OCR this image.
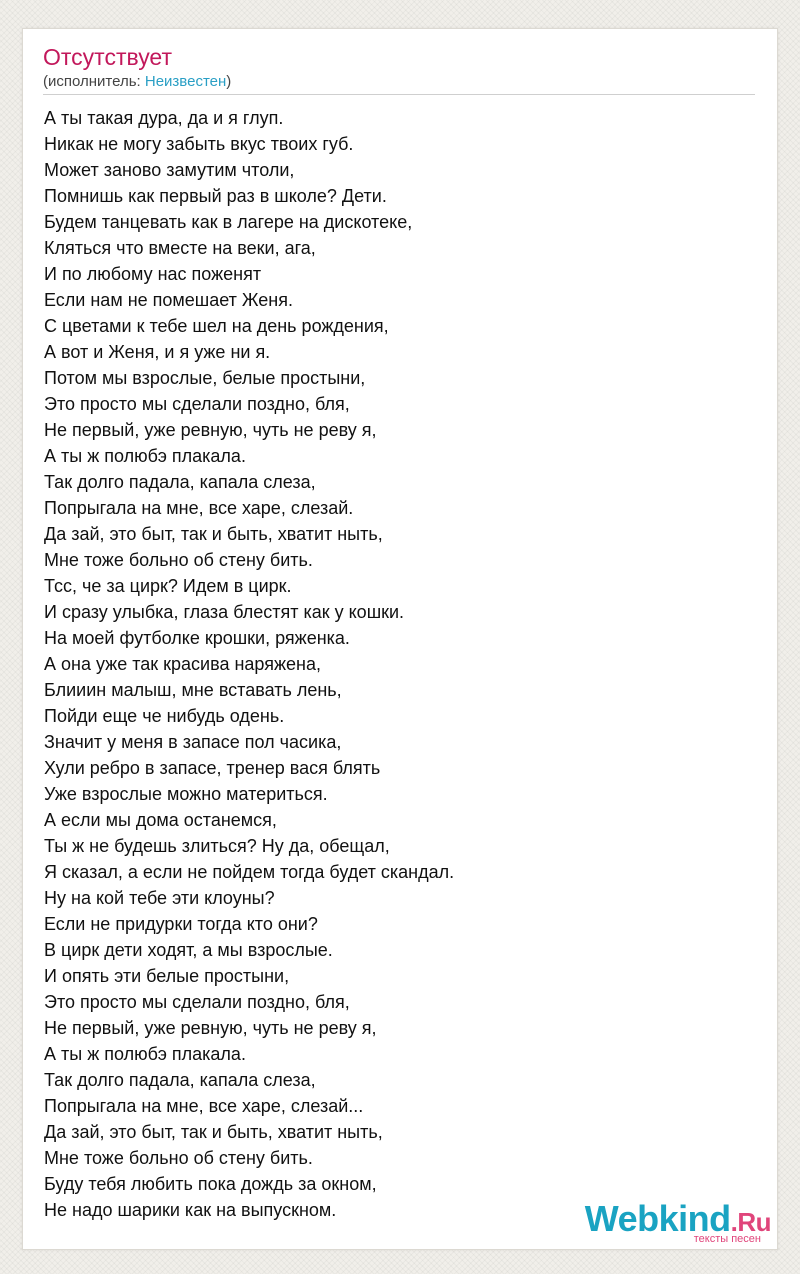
Отсутствует
(исполнитель: Неизвестен)
А ты такая дура, да и я глуп.
Никак не могу забыть вкус твоих губ.
Может заново замутим чтоли,
Помнишь как первый раз в школе? Дети.
Будем танцевать как в лагере на дискотеке,
Кляться что вместе на веки, ага,
И по любому нас поженят
Если нам не помешает Женя.
С цветами к тебе шел на день рождения,
А вот и Женя, и я уже ни я.
Потом мы взрослые, белые простыни,
Это просто мы сделали поздно, бля,
Не первый, уже ревную, чуть не реву я,
А ты ж полюбэ плакала.
Так долго падала, капала слеза,
Попрыгала на мне, все харе, слезай.
Да зай, это быт, так и быть, хватит ныть,
Мне тоже больно об стену бить.
Тсс, че за цирк? Идем в цирк.
И сразу улыбка, глаза блестят как у кошки.
На моей футболке крошки, ряженка.
А она уже так красива наряжена,
Блииин малыш, мне вставать лень,
Пойди еще че нибудь одень.
Значит у меня в запасе пол часика,
Хули ребро в запасе, тренер вася блять
Уже взрослые можно материться.
А если мы дома останемся,
Ты ж не будешь злиться? Ну да, обещал,
Я сказал, а если не пойдем тогда будет скандал.
Ну на кой тебе эти клоуны?
Если не придурки тогда кто они?
В цирк дети ходят, а мы взрослые.
И опять эти белые простыни,
Это просто мы сделали поздно, бля,
Не первый, уже ревную, чуть не реву я,
А ты ж полюбэ плакала.
Так долго падала, капала слеза,
Попрыгала на мне, все харе, слезай...
Да зай, это быт, так и быть, хватит ныть,
Мне тоже больно об стену бить.
Буду тебя любить пока дождь за окном,
Не надо шарики как на выпускном.	Webkind.Ru
тексты песен
